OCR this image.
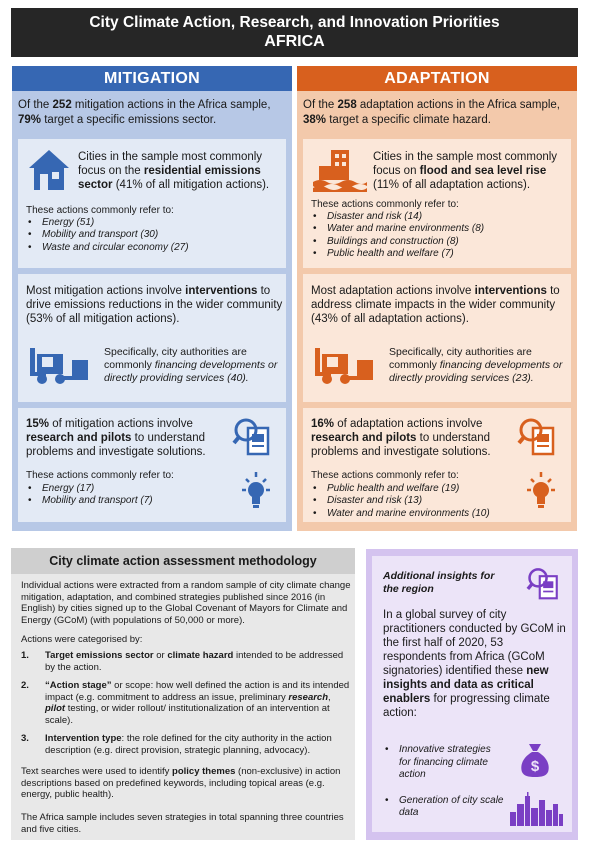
City Climate Action, Research, and Innovation Priorities
AFRICA
MITIGATION
Of the 252 mitigation actions in the Africa sample, 79% target a specific emissions sector.
Cities in the sample most commonly focus on the residential emissions sector (41% of all mitigation actions).
These actions commonly refer to:
• Energy (51)
• Mobility and transport (30)
• Waste and circular economy (27)
Most mitigation actions involve interventions to drive emissions reductions in the wider community (53% of all mitigation actions).
Specifically, city authorities are commonly financing developments or directly providing services (40).
15% of mitigation actions involve research and pilots to understand problems and investigate solutions.
These actions commonly refer to:
• Energy (17)
• Mobility and transport (7)
ADAPTATION
Of the 258 adaptation actions in the Africa sample, 38% target a specific climate hazard.
Cities in the sample most commonly focus on flood and sea level rise (11% of all adaptation actions).
These actions commonly refer to:
• Disaster and risk (14)
• Water and marine environments (8)
• Buildings and construction (8)
• Public health and welfare (7)
Most adaptation actions involve interventions to address climate impacts in the wider community (43% of all adaptation actions).
Specifically, city authorities are commonly financing developments or directly providing services (23).
16% of adaptation actions involve research and pilots to understand problems and investigate solutions.
These actions commonly refer to:
• Public health and welfare (19)
• Disaster and risk (13)
• Water and marine environments (10)
City climate action assessment methodology
Individual actions were extracted from a random sample of city climate change mitigation, adaptation, and combined strategies published since 2016 (in English) by cities signed up to the Global Covenant of Mayors for Climate and Energy (GCoM) (with populations of 50,000 or more).
Actions were categorised by:
1. Target emissions sector or climate hazard intended to be addressed by the action.
2. “Action stage” or scope: how well defined the action is and its intended impact (e.g. commitment to address an issue, preliminary research, pilot testing, or wider rollout/ institutionalization of an intervention at scale).
3. Intervention type: the role defined for the city authority in the action description (e.g. direct provision, strategic planning, advocacy).
Text searches were used to identify policy themes (non-exclusive) in action descriptions based on predefined keywords, including topical areas (e.g. energy, public health).
The Africa sample includes seven strategies in total spanning three countries and five cities.
Additional insights for the region
In a global survey of city practitioners conducted by GCoM in the first half of 2020, 53 respondents from Africa (GCoM signatories) identified these new insights and data as critical enablers for progressing climate action:
• Innovative strategies for financing climate action
• Generation of city scale data
$
